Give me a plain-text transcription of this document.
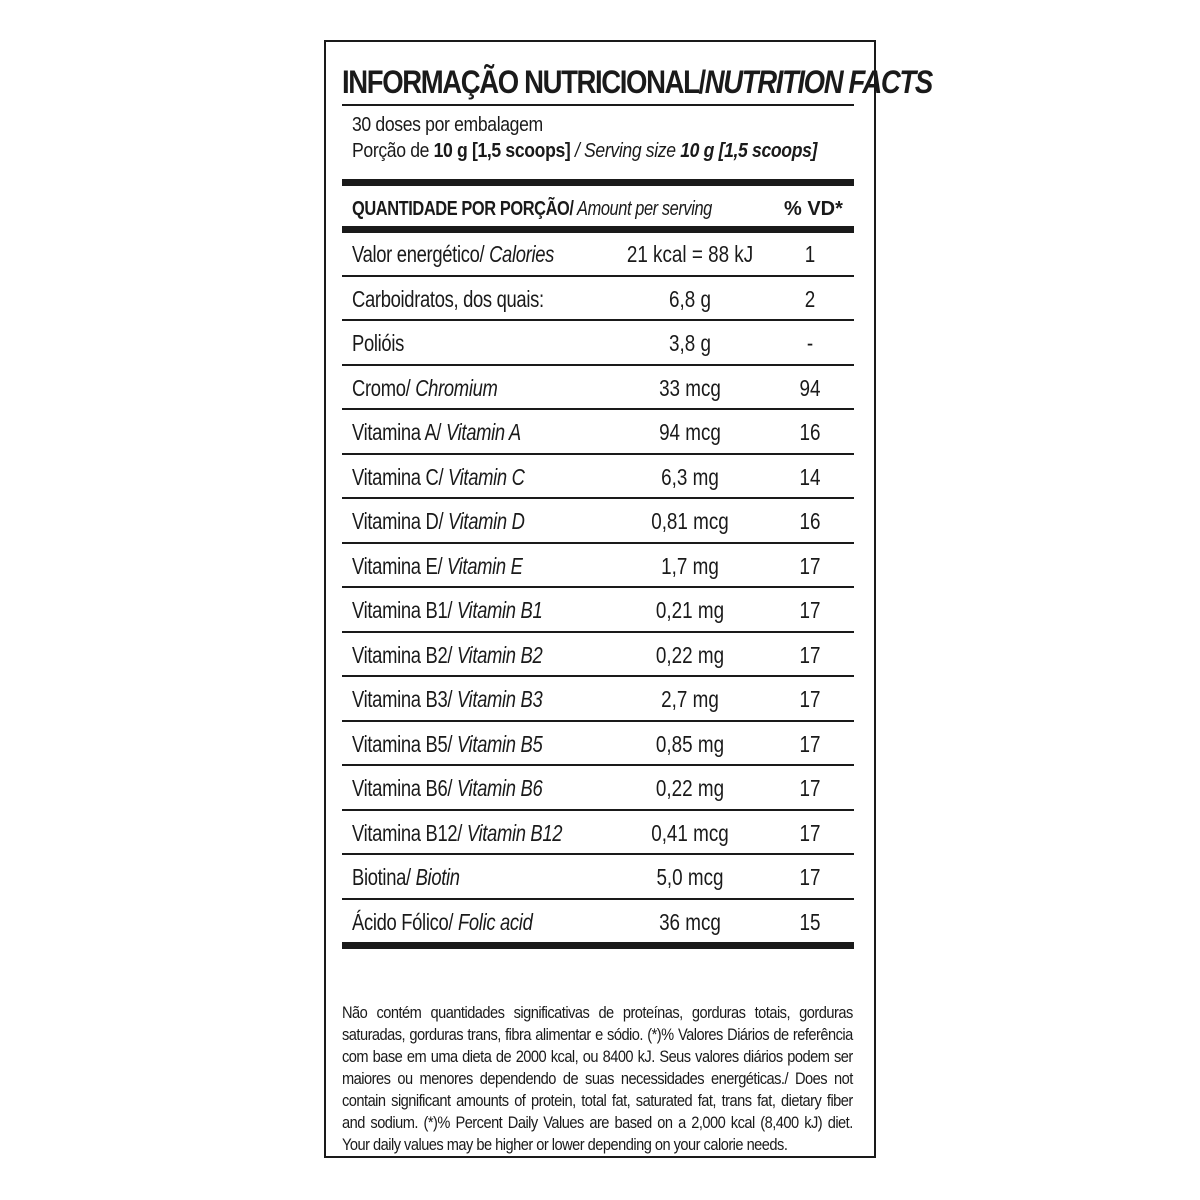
INFORMAÇÃO NUTRICIONAL/NUTRITION FACTS
30 doses por embalagem
Porção de 10 g [1,5 scoops] / Serving size 10 g [1,5 scoops]
QUANTIDADE POR PORÇÃO/ Amount per serving	% VD*
Valor energético/ Calories	21 kcal = 88 kJ	1
Carboidratos, dos quais:	6,8 g	2
Polióis	3,8 g	-
Cromo/ Chromium	33 mcg	94
Vitamina A/ Vitamin A	94 mcg	16
Vitamina C/ Vitamin C	6,3 mg	14
Vitamina D/ Vitamin D	0,81 mcg	16
Vitamina E/ Vitamin E	1,7 mg	17
Vitamina B1/ Vitamin B1	0,21 mg	17
Vitamina B2/ Vitamin B2	0,22 mg	17
Vitamina B3/ Vitamin B3	2,7 mg	17
Vitamina B5/ Vitamin B5	0,85 mg	17
Vitamina B6/ Vitamin B6	0,22 mg	17
Vitamina B12/ Vitamin B12	0,41 mcg	17
Biotina/ Biotin	5,0 mcg	17
Ácido Fólico/ Folic acid	36 mcg	15
Não contém quantidades significativas de proteínas, gorduras totais, gorduras saturadas, gorduras trans, fibra alimentar e sódio. (*)% Valores Diários de referência com base em uma dieta de 2000 kcal, ou 8400 kJ. Seus valores diários podem ser maiores ou menores dependendo de suas necessidades energéticas./ Does not contain significant amounts of protein, total fat, saturated fat, trans fat, dietary fiber and sodium. (*)% Percent Daily Values are based on a 2,000 kcal (8,400 kJ) diet. Your daily values may be higher or lower depending on your calorie needs.
